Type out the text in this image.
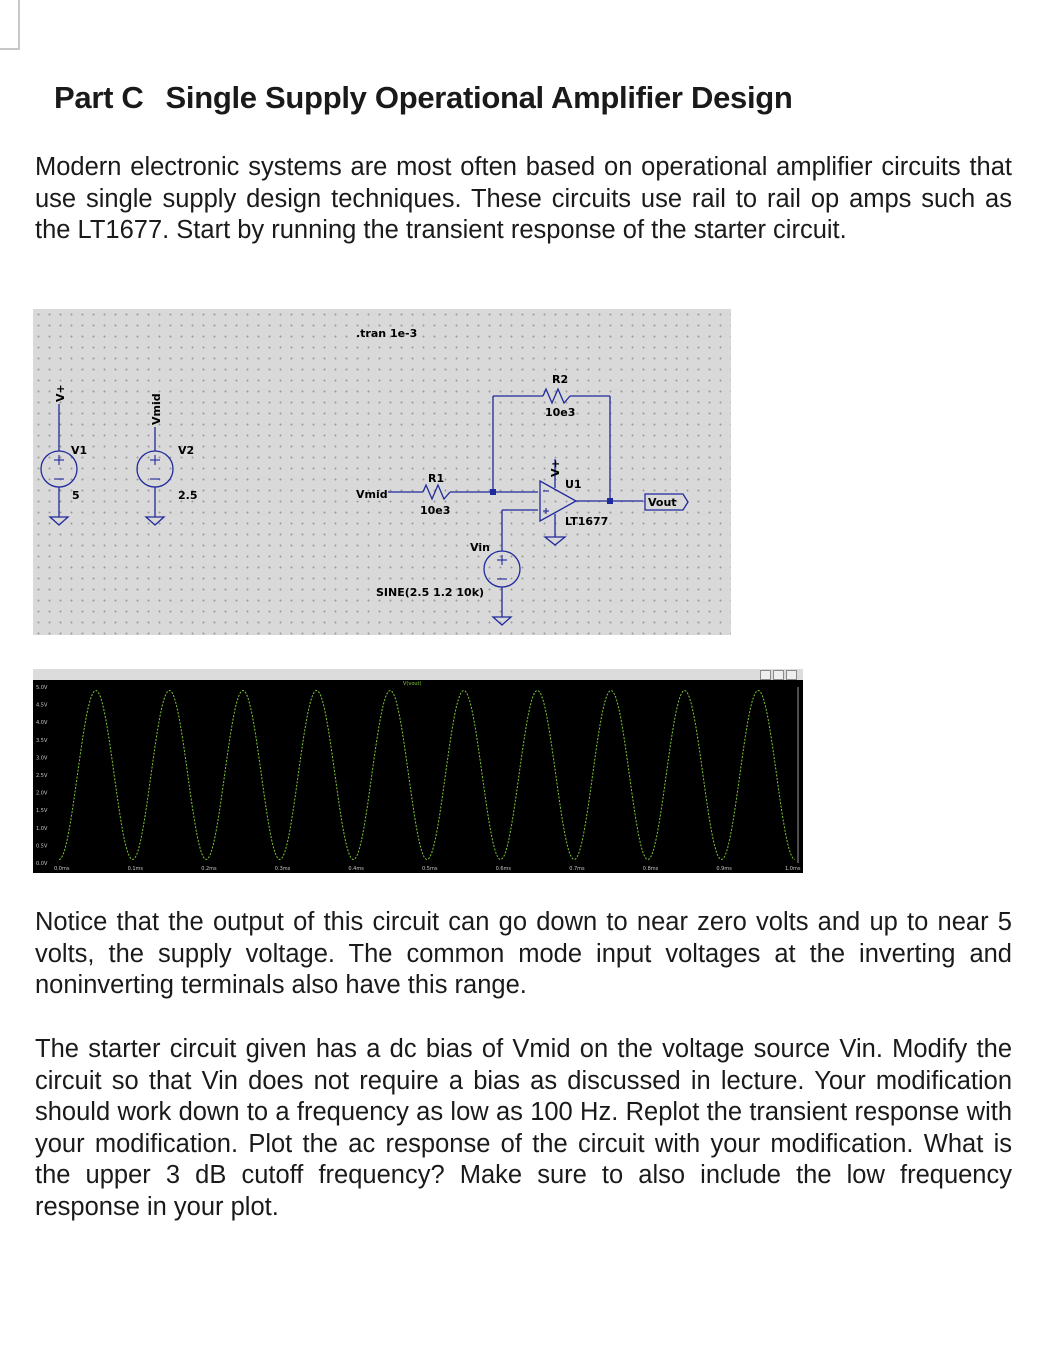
Part C Single Supply Operational Amplifier Design

Modern electronic systems are most often based on operational amplifier circuits that use single supply design techniques. These circuits use rail to rail op amps such as the LT1677. Start by running the transient response of the starter circuit.

V+
Vmid
V+
.tran 1e-3
V1
5
V2
2.5
R1
10e3
Vmid
R2
10e3
U1
LT1677
Vout
Vin
SINE(2.5 1.2 10k)
5.0V
4.5V
4.0V
3.5V
3.0V
2.5V
2.0V
1.5V
1.0V
0.5V
0.0V
0.0ms	0.1ms	0.2ms	0.3ms	0.4ms	0.5ms	0.6ms	0.7ms	0.8ms	0.9ms	1.0ms
V(vout)

Notice that the output of this circuit can go down to near zero volts and up to near 5 volts, the supply voltage. The common mode input voltages at the inverting and noninverting terminals also have this range.

The starter circuit given has a dc bias of Vmid on the voltage source Vin. Modify the circuit so that Vin does not require a bias as discussed in lecture. Your modification should work down to a frequency as low as 100 Hz. Replot the transient response with your modification. Plot the ac response of the circuit with your modification. What is the upper 3 dB cutoff frequency? Make sure to also include the low frequency response in your plot.
